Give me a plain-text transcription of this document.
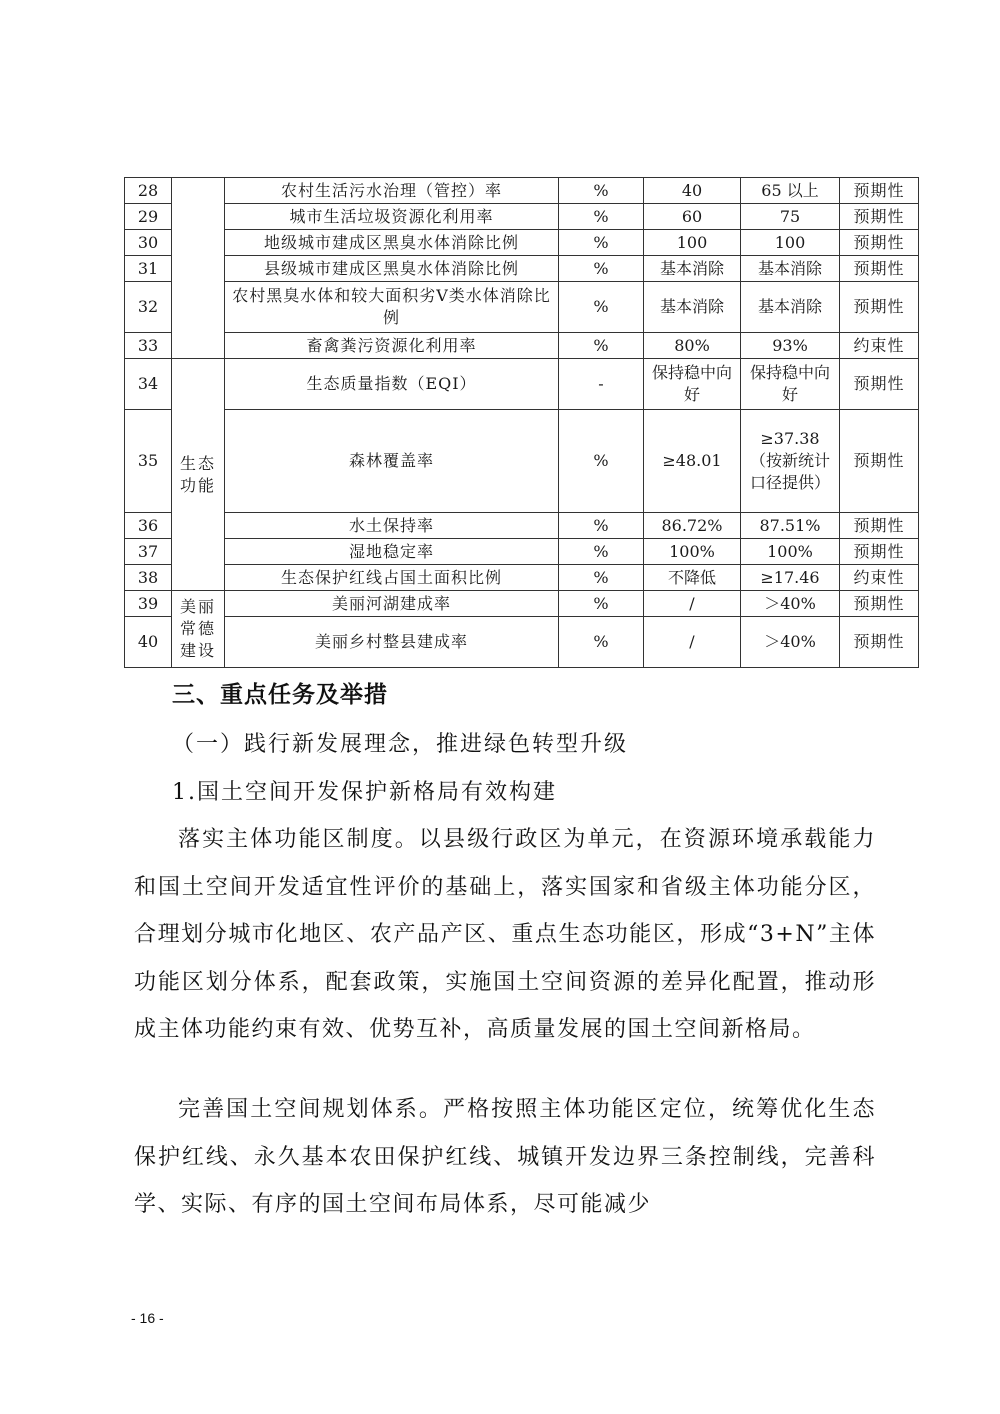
28		农村生活污水治理（管控）率	%	40	65 以上	预期性
29		城市生活垃圾资源化利用率	%	60	75	预期性
30		地级城市建成区黑臭水体消除比例	%	100	100	预期性
31		县级城市建成区黑臭水体消除比例	%	基本消除	基本消除	预期性
32		农村黑臭水体和较大面积劣Ⅴ类水体消除比例	%	基本消除	基本消除	预期性
33		畜禽粪污资源化利用率	%	80%	93%	约束性
34	生态功能	生态质量指数（EQI）	-	保持稳中向好	保持稳中向好	预期性
35		森林覆盖率	%	≥48.01	≥37.38（按新统计口径提供）	预期性
36		水土保持率	%	86.72%	87.51%	预期性
37		湿地稳定率	%	100%	100%	预期性
38		生态保护红线占国土面积比例	%	不降低	≥17.46	约束性
39	美丽常德建设	美丽河湖建成率	%	/	＞40%	预期性
40		美丽乡村整县建成率	%	/	＞40%	预期性
三、重点任务及举措
（一）践行新发展理念，推进绿色转型升级
1.国土空间开发保护新格局有效构建
落实主体功能区制度。以县级行政区为单元，在资源环境承载能力和国土空间开发适宜性评价的基础上，落实国家和省级主体功能分区，合理划分城市化地区、农产品产区、重点生态功能区，形成“3+N”主体功能区划分体系，配套政策，实施国土空间资源的差异化配置，推动形成主体功能约束有效、优势互补，高质量发展的国土空间新格局。
完善国土空间规划体系。严格按照主体功能区定位，统筹优化生态保护红线、永久基本农田保护红线、城镇开发边界三条控制线，完善科学、实际、有序的国土空间布局体系，尽可能减少
- 16 -
